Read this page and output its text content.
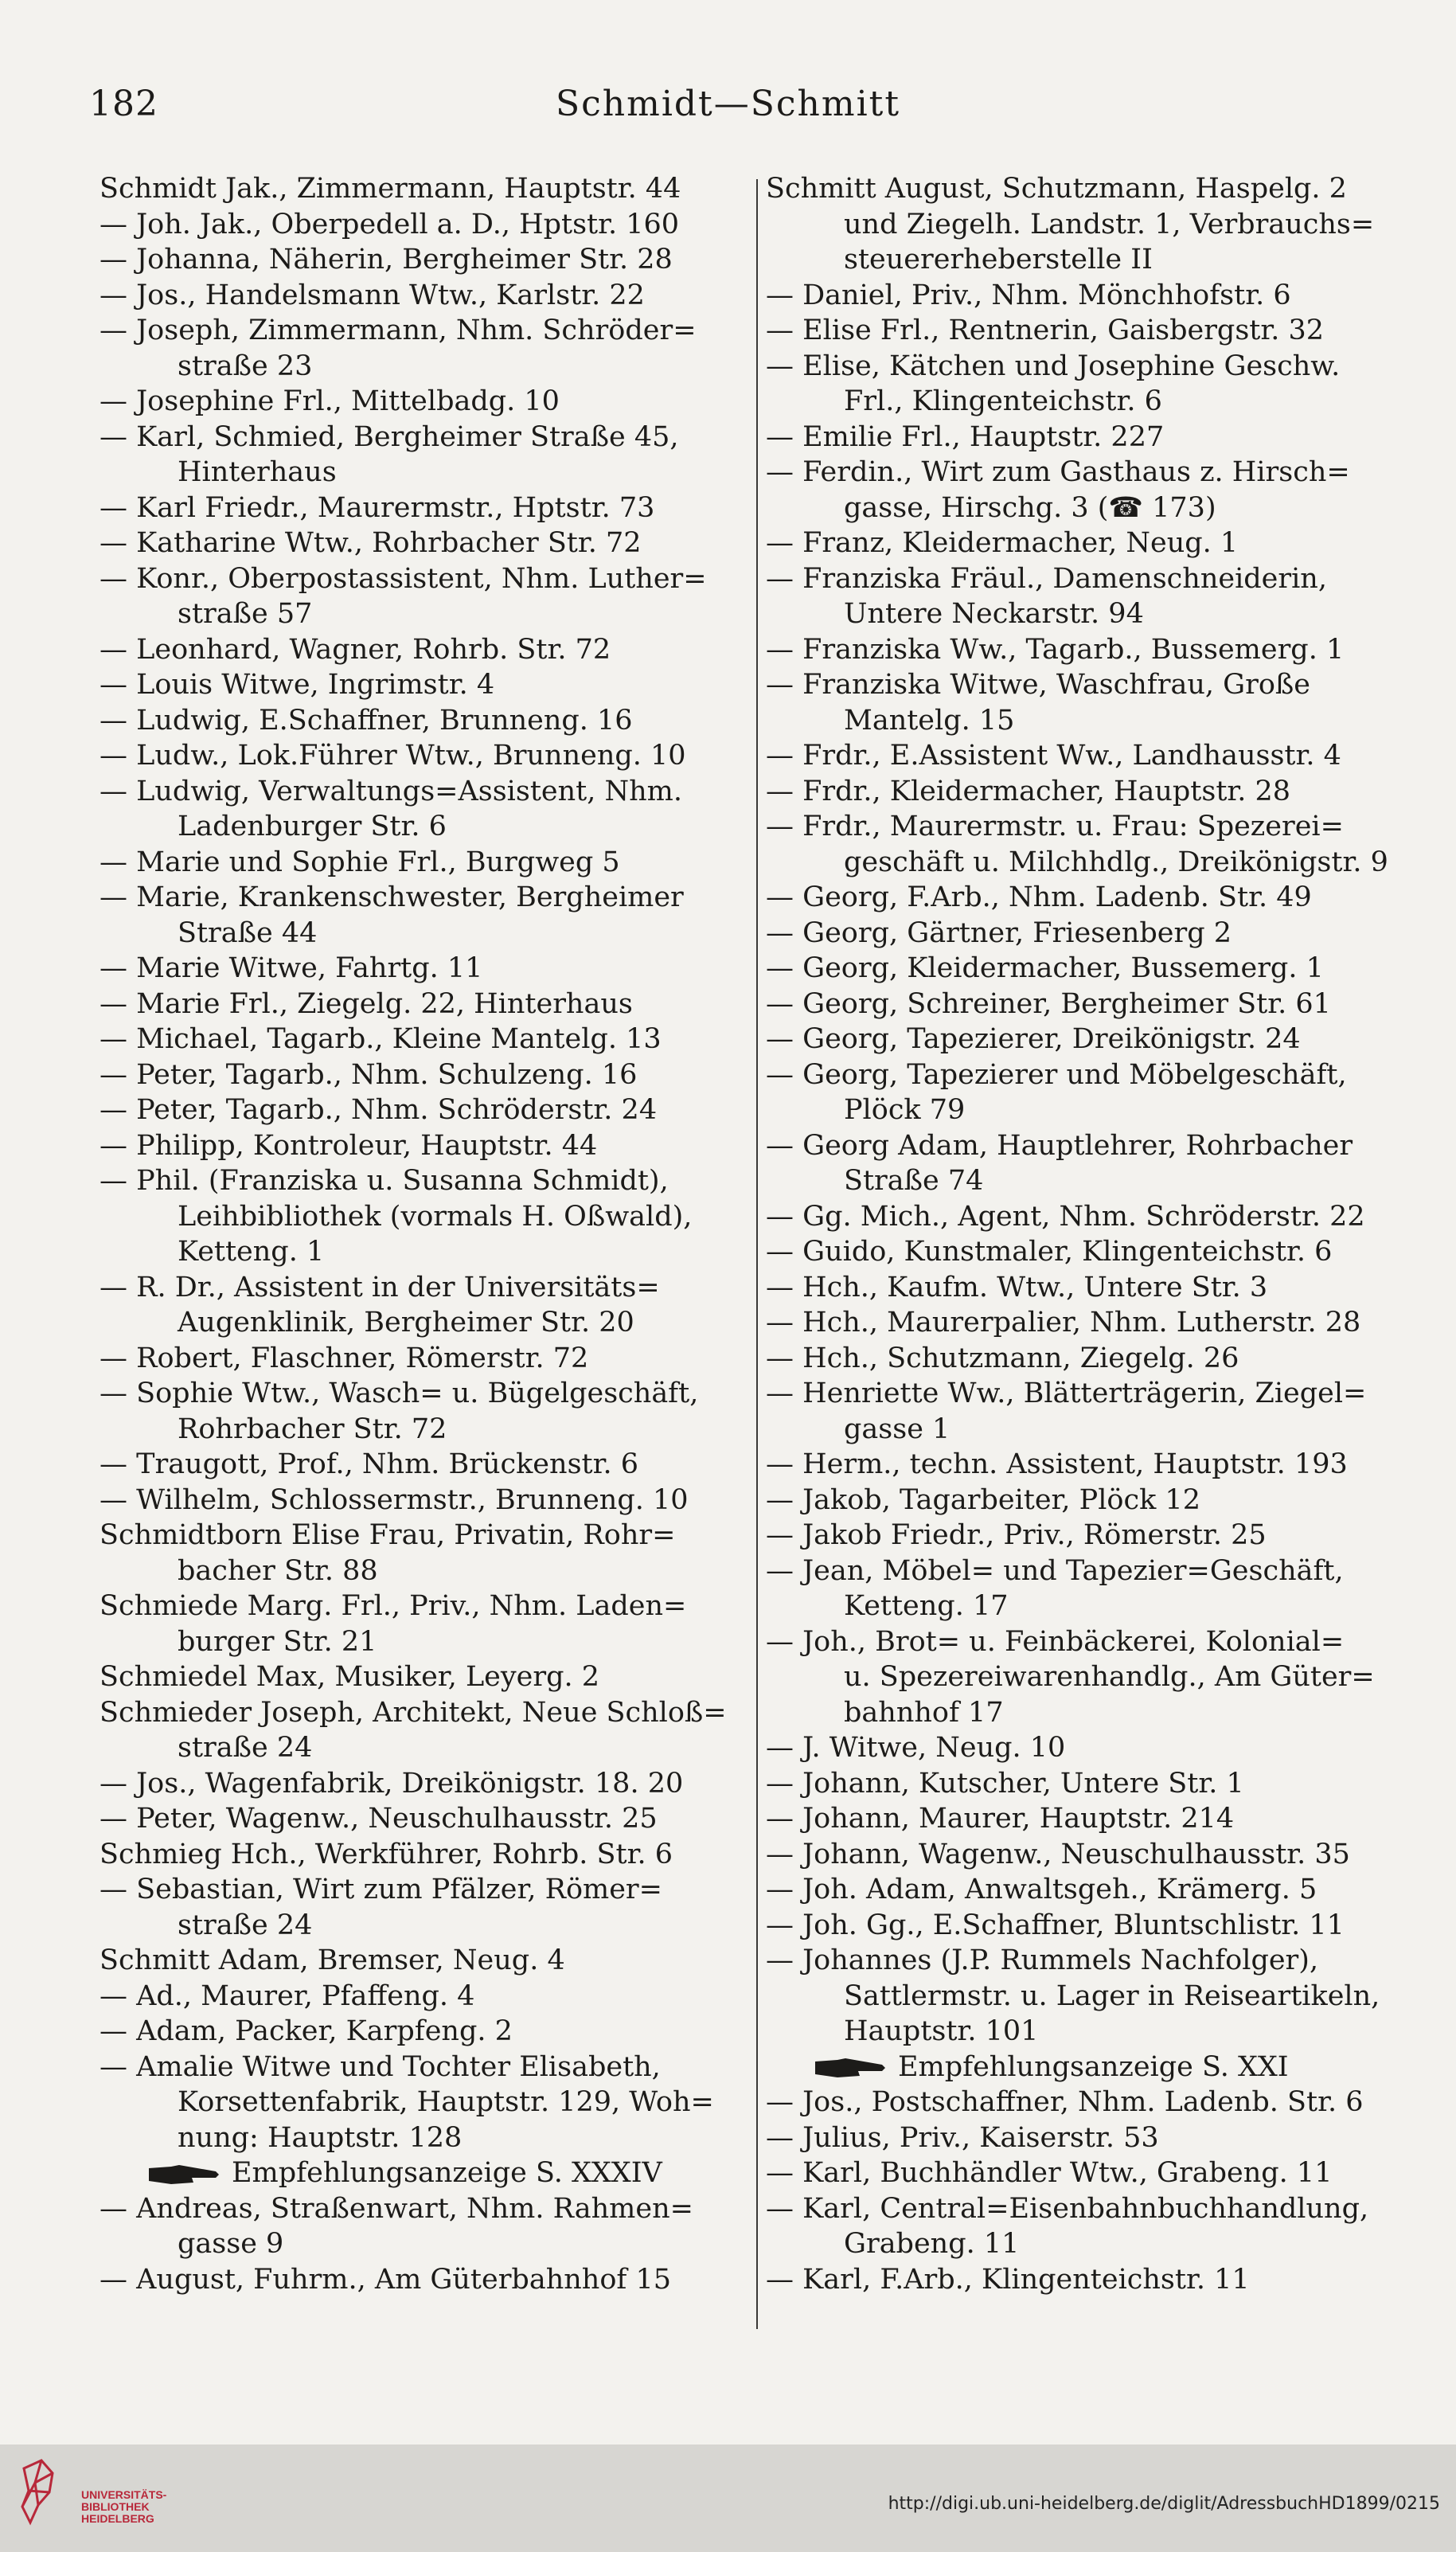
182	Schmidt—Schmitt
Schmidt Jak., Zimmermann, Hauptstr. 44
— Joh. Jak., Oberpedell a. D., Hptstr. 160
— Johanna, Näherin, Bergheimer Str. 28
— Jos., Handelsmann Wtw., Karlstr. 22
— Joseph, Zimmermann, Nhm. Schröder=
straße 23
— Josephine Frl., Mittelbadg. 10
— Karl, Schmied, Bergheimer Straße 45,
Hinterhaus
— Karl Friedr., Maurermstr., Hptstr. 73
— Katharine Wtw., Rohrbacher Str. 72
— Konr., Oberpostassistent, Nhm. Luther=
straße 57
— Leonhard, Wagner, Rohrb. Str. 72
— Louis Witwe, Ingrimstr. 4
— Ludwig, E.Schaffner, Brunneng. 16
— Ludw., Lok.Führer Wtw., Brunneng. 10
— Ludwig, Verwaltungs=Assistent, Nhm.
Ladenburger Str. 6
— Marie und Sophie Frl., Burgweg 5
— Marie, Krankenschwester, Bergheimer
Straße 44
— Marie Witwe, Fahrtg. 11
— Marie Frl., Ziegelg. 22, Hinterhaus
— Michael, Tagarb., Kleine Mantelg. 13
— Peter, Tagarb., Nhm. Schulzeng. 16
— Peter, Tagarb., Nhm. Schröderstr. 24
— Philipp, Kontroleur, Hauptstr. 44
— Phil. (Franziska u. Susanna Schmidt),
Leihbibliothek (vormals H. Oßwald),
Ketteng. 1
— R. Dr., Assistent in der Universitäts=
Augenklinik, Bergheimer Str. 20
— Robert, Flaschner, Römerstr. 72
— Sophie Wtw., Wasch= u. Bügelgeschäft,
Rohrbacher Str. 72
— Traugott, Prof., Nhm. Brückenstr. 6
— Wilhelm, Schlossermstr., Brunneng. 10
Schmidtborn Elise Frau, Privatin, Rohr=
bacher Str. 88
Schmiede Marg. Frl., Priv., Nhm. Laden=
burger Str. 21
Schmiedel Max, Musiker, Leyerg. 2
Schmieder Joseph, Architekt, Neue Schloß=
straße 24
— Jos., Wagenfabrik, Dreikönigstr. 18. 20
— Peter, Wagenw., Neuschulhausstr. 25
Schmieg Hch., Werkführer, Rohrb. Str. 6
— Sebastian, Wirt zum Pfälzer, Römer=
straße 24
Schmitt Adam, Bremser, Neug. 4
— Ad., Maurer, Pfaffeng. 4
— Adam, Packer, Karpfeng. 2
— Amalie Witwe und Tochter Elisabeth,
Korsettenfabrik, Hauptstr. 129, Woh=
nung: Hauptstr. 128
Empfehlungsanzeige S. XXXIV
— Andreas, Straßenwart, Nhm. Rahmen=
gasse 9
— August, Fuhrm., Am Güterbahnhof 15
Schmitt August, Schutzmann, Haspelg. 2
und Ziegelh. Landstr. 1, Verbrauchs=
steuererheberstelle II
— Daniel, Priv., Nhm. Mönchhofstr. 6
— Elise Frl., Rentnerin, Gaisbergstr. 32
— Elise, Kätchen und Josephine Geschw.
Frl., Klingenteichstr. 6
— Emilie Frl., Hauptstr. 227
— Ferdin., Wirt zum Gasthaus z. Hirsch=
gasse, Hirschg. 3 (☎ 173)
— Franz, Kleidermacher, Neug. 1
— Franziska Fräul., Damenschneiderin,
Untere Neckarstr. 94
— Franziska Ww., Tagarb., Bussemerg. 1
— Franziska Witwe, Waschfrau, Große
Mantelg. 15
— Frdr., E.Assistent Ww., Landhausstr. 4
— Frdr., Kleidermacher, Hauptstr. 28
— Frdr., Maurermstr. u. Frau: Spezerei=
geschäft u. Milchhdlg., Dreikönigstr. 9
— Georg, F.Arb., Nhm. Ladenb. Str. 49
— Georg, Gärtner, Friesenberg 2
— Georg, Kleidermacher, Bussemerg. 1
— Georg, Schreiner, Bergheimer Str. 61
— Georg, Tapezierer, Dreikönigstr. 24
— Georg, Tapezierer und Möbelgeschäft,
Plöck 79
— Georg Adam, Hauptlehrer, Rohrbacher
Straße 74
— Gg. Mich., Agent, Nhm. Schröderstr. 22
— Guido, Kunstmaler, Klingenteichstr. 6
— Hch., Kaufm. Wtw., Untere Str. 3
— Hch., Maurerpalier, Nhm. Lutherstr. 28
— Hch., Schutzmann, Ziegelg. 26
— Henriette Ww., Blätterträgerin, Ziegel=
gasse 1
— Herm., techn. Assistent, Hauptstr. 193
— Jakob, Tagarbeiter, Plöck 12
— Jakob Friedr., Priv., Römerstr. 25
— Jean, Möbel= und Tapezier=Geschäft,
Ketteng. 17
— Joh., Brot= u. Feinbäckerei, Kolonial=
u. Spezereiwarenhandlg., Am Güter=
bahnhof 17
— J. Witwe, Neug. 10
— Johann, Kutscher, Untere Str. 1
— Johann, Maurer, Hauptstr. 214
— Johann, Wagenw., Neuschulhausstr. 35
— Joh. Adam, Anwaltsgeh., Krämerg. 5
— Joh. Gg., E.Schaffner, Bluntschlistr. 11
— Johannes (J.P. Rummels Nachfolger),
Sattlermstr. u. Lager in Reiseartikeln,
Hauptstr. 101
Empfehlungsanzeige S. XXI
— Jos., Postschaffner, Nhm. Ladenb. Str. 6
— Julius, Priv., Kaiserstr. 53
— Karl, Buchhändler Wtw., Grabeng. 11
— Karl, Central=Eisenbahnbuchhandlung,
Grabeng. 11
— Karl, F.Arb., Klingenteichstr. 11
UNIVERSITÄTS-
BIBLIOTHEK
HEIDELBERG
http://digi.ub.uni-heidelberg.de/diglit/AdressbuchHD1899/0215
